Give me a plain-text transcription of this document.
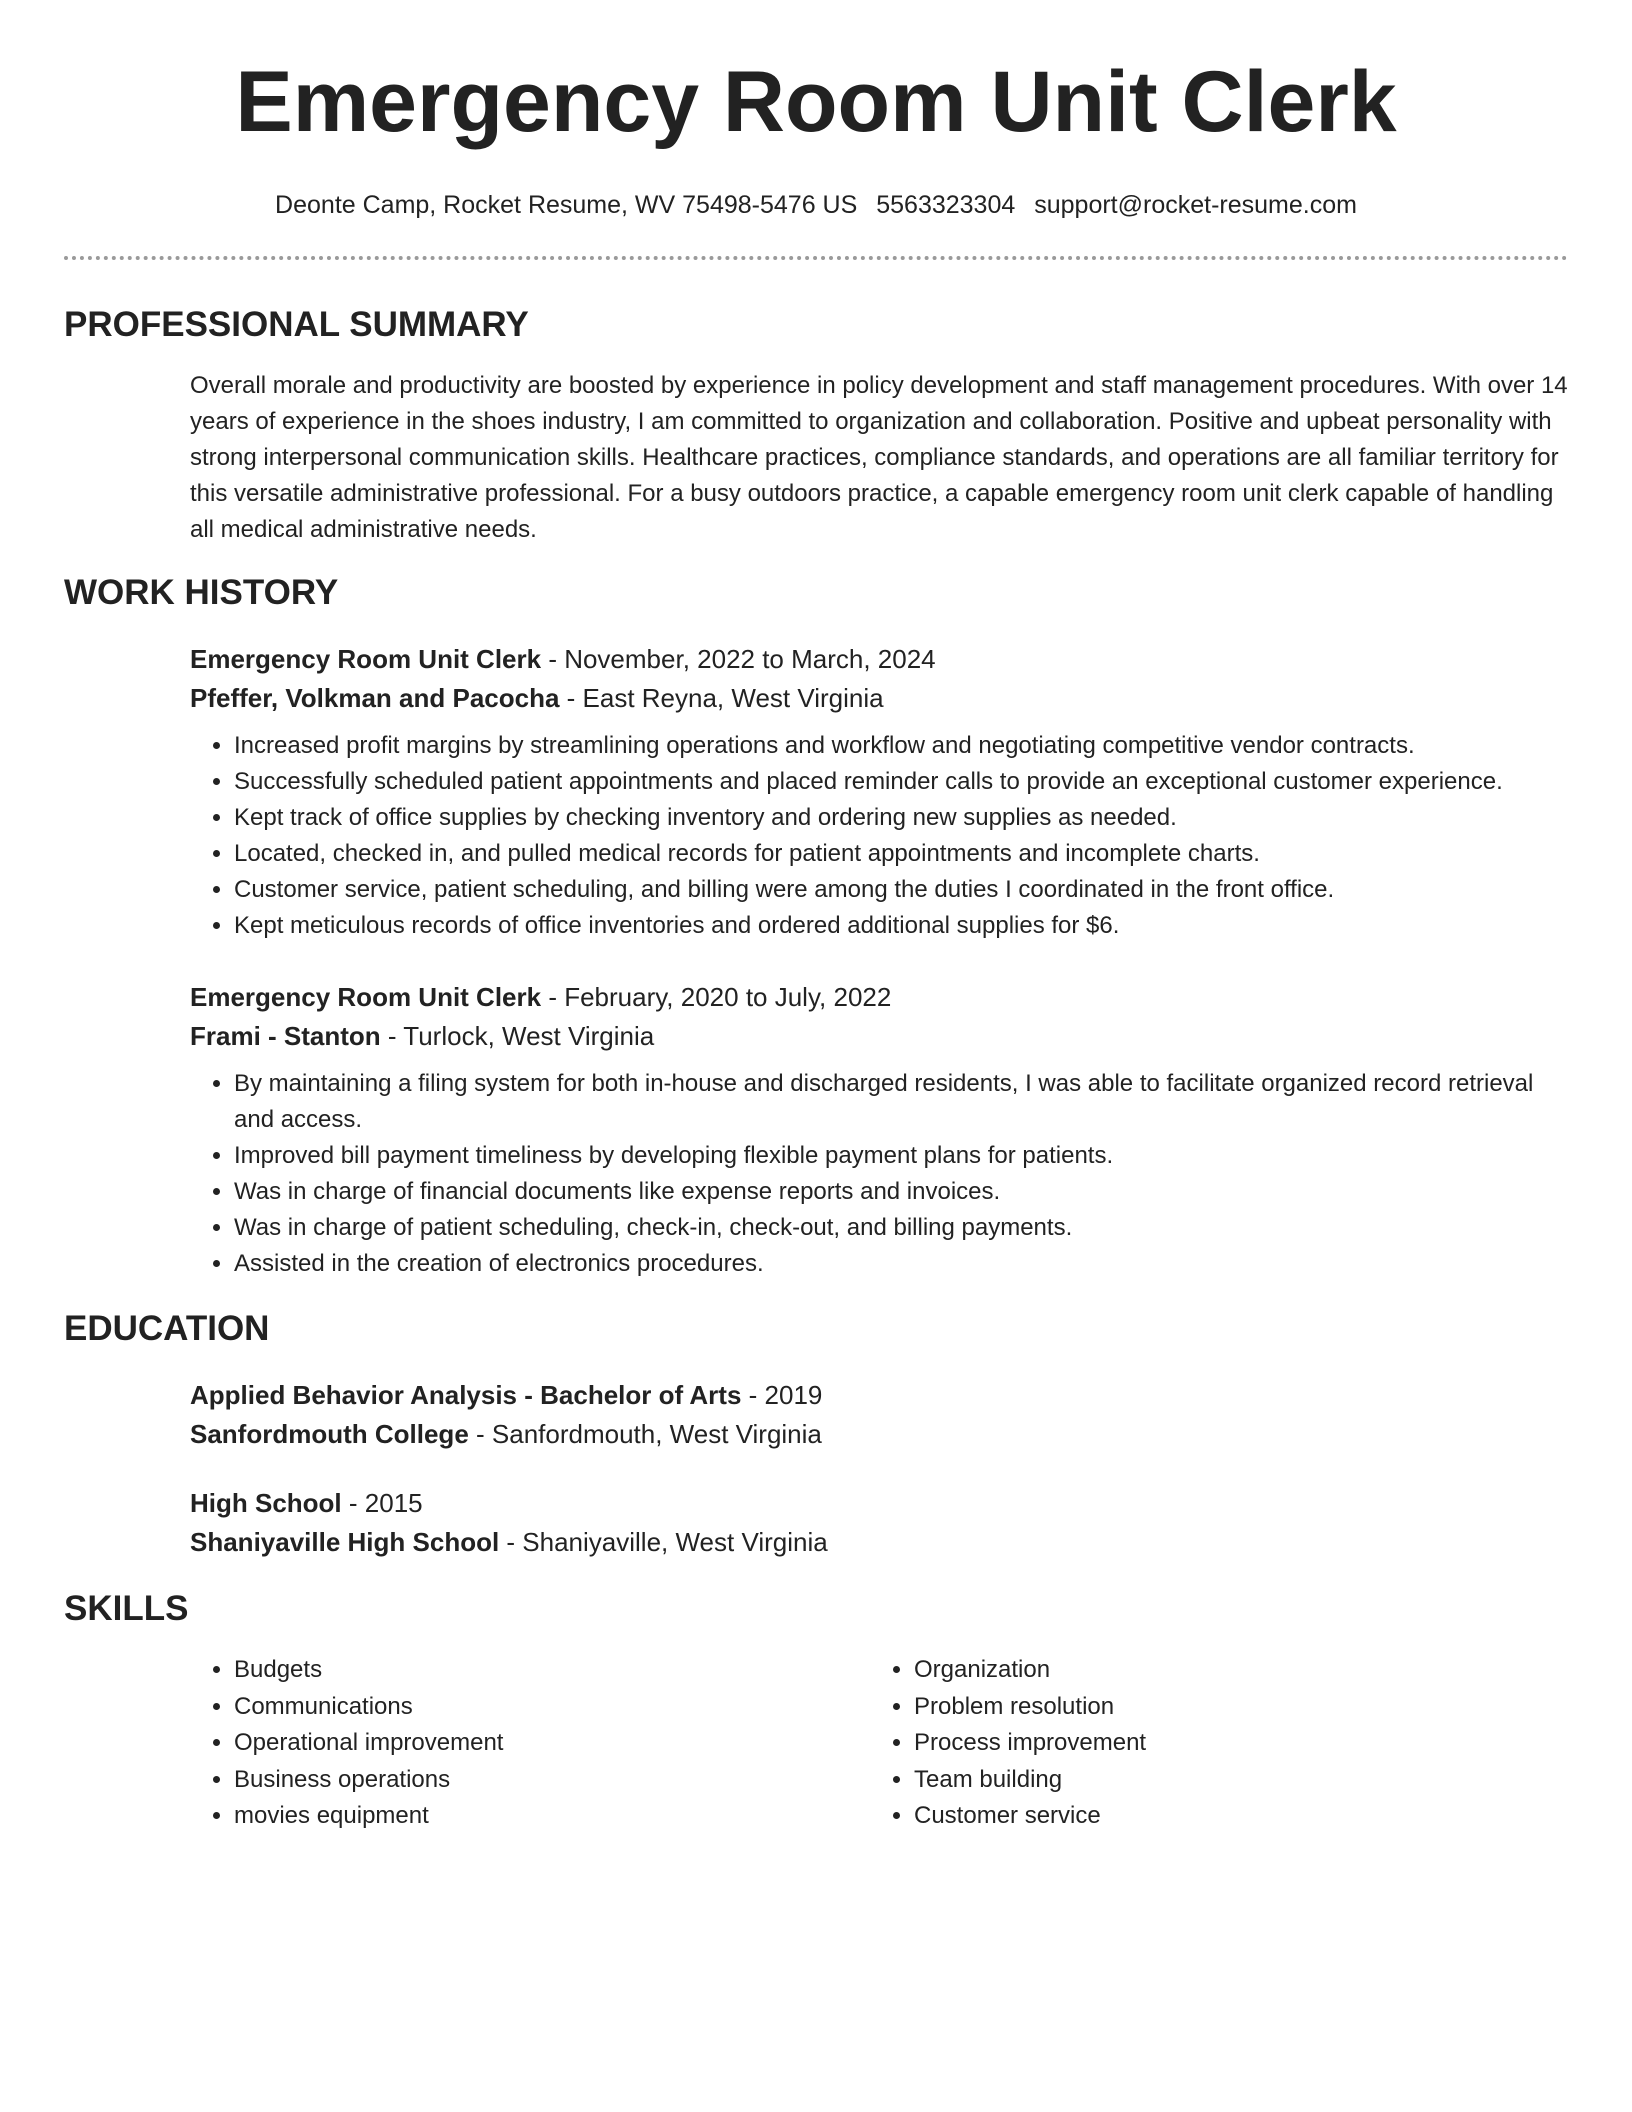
Emergency Room Unit Clerk
Deonte Camp, Rocket Resume, WV 75498-5476 US 5563323304 support@rocket-resume.com
PROFESSIONAL SUMMARY

Overall morale and productivity are boosted by experience in policy development and staff management procedures. With over 14 years of experience in the shoes industry, I am committed to organization and collaboration. Positive and upbeat personality with strong interpersonal communication skills. Healthcare practices, compliance standards, and operations are all familiar territory for this versatile administrative professional. For a busy outdoors practice, a capable emergency room unit clerk capable of handling all medical administrative needs.

WORK HISTORY
Emergency Room Unit Clerk - November, 2022 to March, 2024
Pfeffer, Volkman and Pacocha - East Reyna, West Virginia
• Increased profit margins by streamlining operations and workflow and negotiating competitive vendor contracts.
• Successfully scheduled patient appointments and placed reminder calls to provide an exceptional customer experience.
• Kept track of office supplies by checking inventory and ordering new supplies as needed.
• Located, checked in, and pulled medical records for patient appointments and incomplete charts.
• Customer service, patient scheduling, and billing were among the duties I coordinated in the front office.
• Kept meticulous records of office inventories and ordered additional supplies for $6.
Emergency Room Unit Clerk - February, 2020 to July, 2022
Frami - Stanton - Turlock, West Virginia
• By maintaining a filing system for both in-house and discharged residents, I was able to facilitate organized record retrieval and access.
• Improved bill payment timeliness by developing flexible payment plans for patients.
• Was in charge of financial documents like expense reports and invoices.
• Was in charge of patient scheduling, check-in, check-out, and billing payments.
• Assisted in the creation of electronics procedures.
EDUCATION
Applied Behavior Analysis - Bachelor of Arts - 2019
Sanfordmouth College - Sanfordmouth, West Virginia
High School - 2015
Shaniyaville High School - Shaniyaville, West Virginia
SKILLS
• Budgets
• Communications
• Operational improvement
• Business operations
• movies equipment
• Organization
• Problem resolution
• Process improvement
• Team building
• Customer service
